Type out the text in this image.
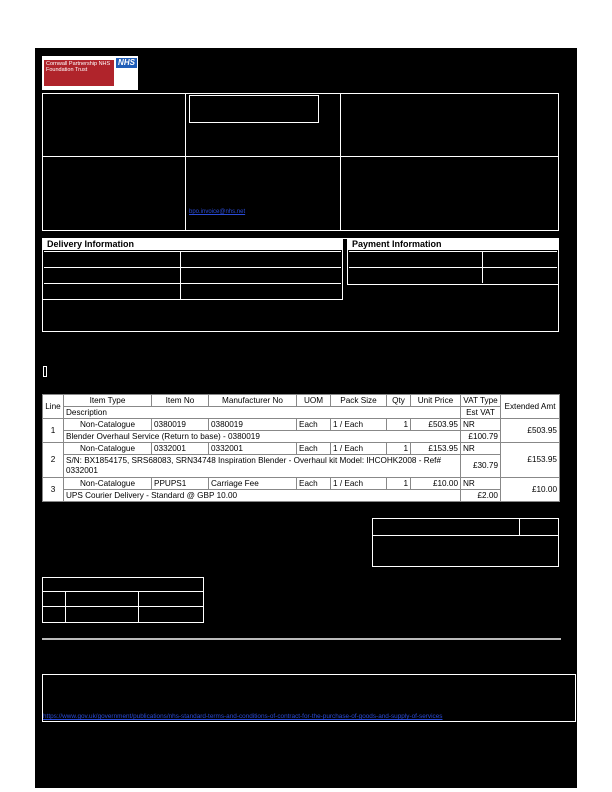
Cornwall Partnership NHS Foundation Trust
NHS
bpo.invoice@nhs.net
Delivery Information	Payment Information
Line	Item Type	Item No	Manufacturer No	UOM	Pack Size	Qty	Unit Price	VAT Type	Extended Amt
	Description							Est VAT	
1	Non-Catalogue	0380019	0380019	Each	1 / Each	1	£503.95	NR	£503.95
	Blender Overhaul Service (Return to base) - 0380019							£100.79	
2	Non-Catalogue	0332001	0332001	Each	1 / Each	1	£153.95	NR	£153.95
	S/N: BX1854175, SRS68083, SRN34748 Inspiration Blender - Overhaul kit Model: IHCOHK2008 - Ref# 0332001							£30.79	
3	Non-Catalogue	PPUPS1	Carriage Fee	Each	1 / Each	1	£10.00	NR	£10.00
	UPS Courier Delivery - Standard @ GBP 10.00							£2.00	
https://www.gov.uk/government/publications/nhs-standard-terms-and-conditions-of-contract-for-the-purchase-of-goods-and-supply-of-services
